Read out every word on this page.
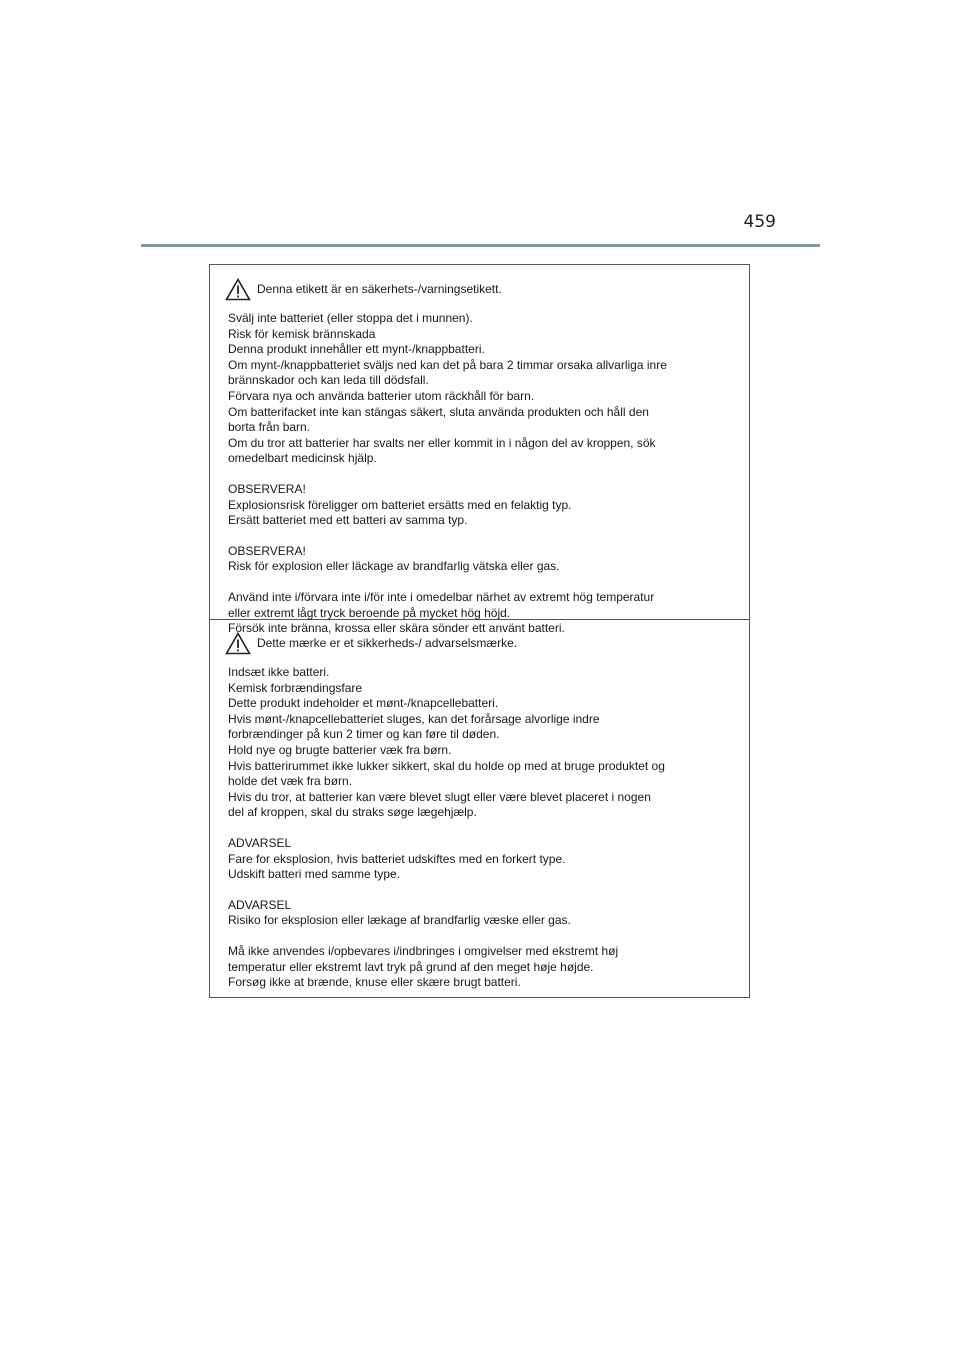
459
Denna etikett är en säkerhets-/varningsetikett.

Svälj inte batteriet (eller stoppa det i munnen).

Risk för kemisk brännskada

Denna produkt innehåller ett mynt-/knappbatteri.

Om mynt-/knappbatteriet sväljs ned kan det på bara 2 timmar orsaka allvarliga inre

brännskador och kan leda till dödsfall.

Förvara nya och använda batterier utom räckhåll för barn.

Om batterifacket inte kan stängas säkert, sluta använda produkten och håll den

borta från barn.

Om du tror att batterier har svalts ner eller kommit in i någon del av kroppen, sök

omedelbart medicinsk hjälp.

OBSERVERA!

Explosionsrisk föreligger om batteriet ersätts med en felaktig typ.

Ersätt batteriet med ett batteri av samma typ.

OBSERVERA!

Risk för explosion eller läckage av brandfarlig vätska eller gas.

Använd inte i/förvara inte i/för inte i omedelbar närhet av extremt hög temperatur

eller extremt lågt tryck beroende på mycket hög höjd.

Försök inte bränna, krossa eller skära sönder ett använt batteri.

Dette mærke er et sikkerheds-/ advarselsmærke.

Indsæt ikke batteri.

Kemisk forbrændingsfare

Dette produkt indeholder et mønt-/knapcellebatteri.

Hvis mønt-/knapcellebatteriet sluges, kan det forårsage alvorlige indre

forbrændinger på kun 2 timer og kan føre til døden.

Hold nye og brugte batterier væk fra børn.

Hvis batterirummet ikke lukker sikkert, skal du holde op med at bruge produktet og

holde det væk fra børn.

Hvis du tror, at batterier kan være blevet slugt eller være blevet placeret i nogen

del af kroppen, skal du straks søge lægehjælp.

ADVARSEL

Fare for eksplosion, hvis batteriet udskiftes med en forkert type.

Udskift batteri med samme type.

ADVARSEL

Risiko for eksplosion eller lækage af brandfarlig væske eller gas.

Må ikke anvendes i/opbevares i/indbringes i omgivelser med ekstremt høj

temperatur eller ekstremt lavt tryk på grund af den meget høje højde.

Forsøg ikke at brænde, knuse eller skære brugt batteri.
